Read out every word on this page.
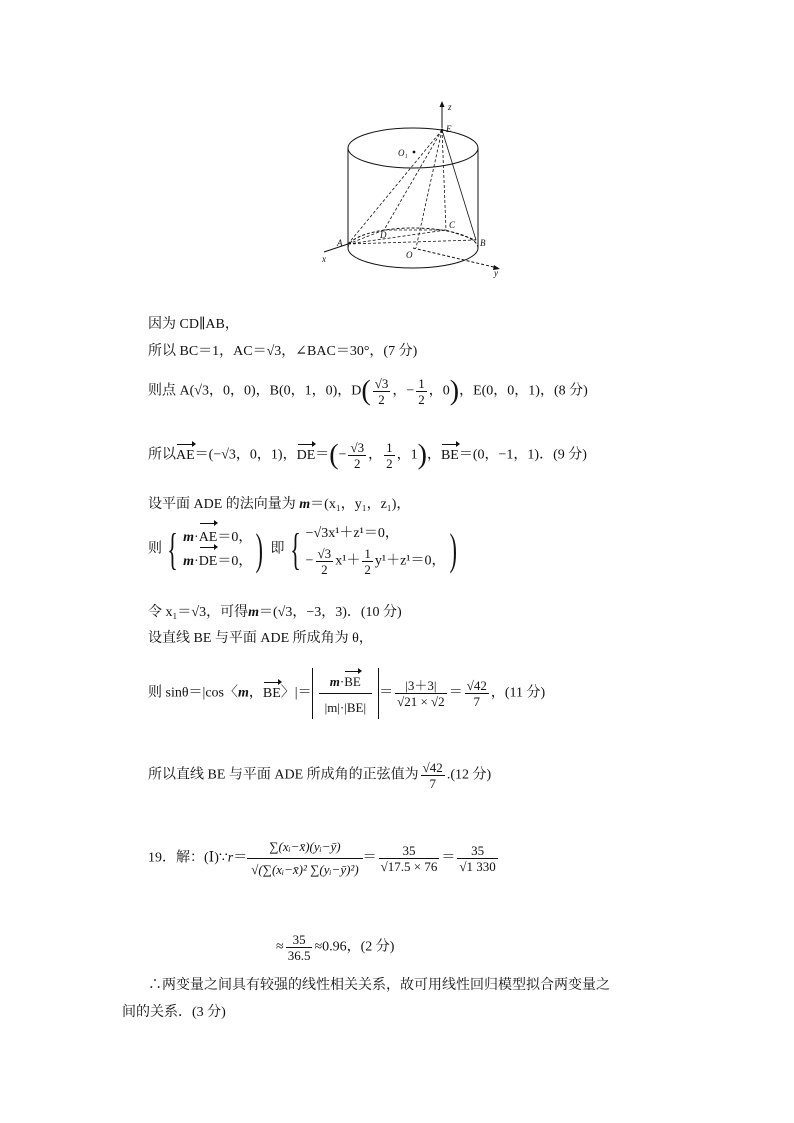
z
x
y
E
O₁
C
D
A	B
O
因为 CD∥AB，
所以 BC＝1，AC＝√3，∠BAC＝30°，(7 分)
则点 A(√3，0，0)，B(0，1，0)，$D( \frac{√3}{2}$ ，− $\frac{1}{2}$ ，0)，E(0，0，1)，(8 分)
所以AE＝(−√3，0，1)，$DE=(- \frac{√3}{2}$ ， $\frac{1}{2}$ ，1)，BE＝(0，−1，1)．(9 分)
设平面 ADE 的法向量为 m＝(x₁，y₁，z₁)，
则 { m·AE＝0，
m·DE＝0， ) 即 { −√3x¹＋z¹＝0，
− $\frac{√3}{2} x^1+ \frac{1}{2} y^1+z^1=0$， )
令 x₁＝√3，可得m＝(√3，−3，3)．(10 分)
设直线 BE 与平面 ADE 所成角为 θ，
则 sinθ＝|cos〈m，BE〉|＝ $\frac{m\cdot BE}{|m|\cdot|BE|} = \frac{|3+3|}{√21 \times √2} = \frac{√42}{7}$ ，(11 分)
所以直线 BE 与平面 ADE 所成角的正弦值为 $\frac{√42}{7} .(12$ 分)
19．解：(Ⅰ)∵r＝ $\frac{\text{∑(xᵢ−x̄)(yᵢ−ȳ)}}{\text{√(∑(xᵢ−x̄)² ∑(yᵢ−ȳ)²)}} = \frac{35}{√17.5 \times 76} = \frac{35}{√1 330}$
≈ $\frac{35}{36.5} \approx 0.96$，(2 分)
∴两变量之间具有较强的线性相关关系，故可用线性回归模型拟合两变量之
间的关系．(3 分)
